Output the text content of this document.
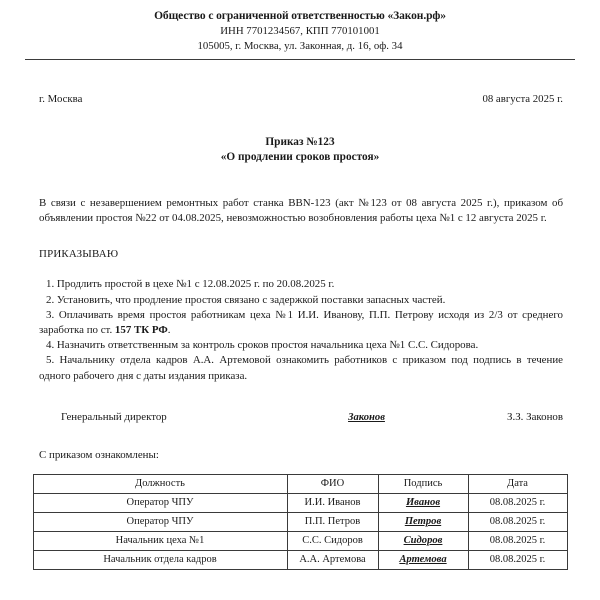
Общество с ограниченной ответственностью «Закон.рф»
ИНН 7701234567, КПП 770101001
105005, г. Москва, ул. Законная, д. 16, оф. 34
г. Москва	08 августа 2025 г.
Приказ №123
«О продлении сроков простоя»
В связи с незавершением ремонтных работ станка BBN-123 (акт №123 от 08 августа 2025 г.), приказом об объявлении простоя №22 от 04.08.2025, невозможностью возобновления работы цеха №1 с 12 августа 2025 г.
ПРИКАЗЫВАЮ

1. Продлить простой в цехе №1 с 12.08.2025 г. по 20.08.2025 г.

2. Установить, что продление простоя связано с задержкой поставки запасных частей.

3. Оплачивать время простоя работникам цеха №1 И.И. Иванову, П.П. Петрову исходя из 2/3 от среднего заработка по ст. 157 ТК РФ.

4. Назначить ответственным за контроль сроков простоя начальника цеха №1 С.С. Сидорова.

5. Начальнику отдела кадров А.А. Артемовой ознакомить работников с приказом под подпись в течение одного рабочего дня с даты издания приказа.

Генеральный директор	Законов	З.З. Законов
С приказом ознакомлены:
Должность	ФИО	Подпись	Дата
Оператор ЧПУ	И.И. Иванов	Иванов	08.08.2025 г.
Оператор ЧПУ	П.П. Петров	Петров	08.08.2025 г.
Начальник цеха №1	С.С. Сидоров	Сидоров	08.08.2025 г.
Начальник отдела кадров	А.А. Артемова	Артемова	08.08.2025 г.
